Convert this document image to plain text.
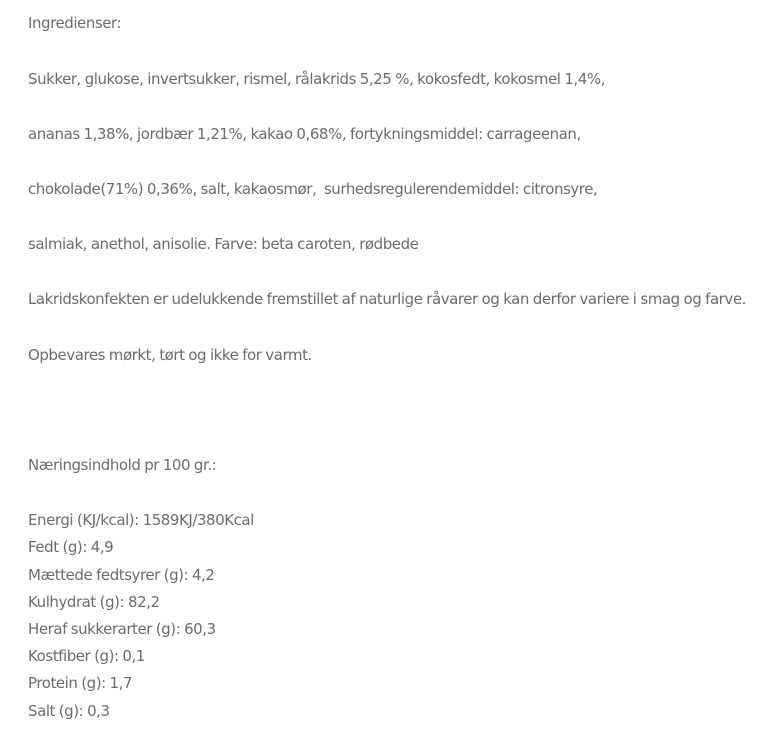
Ingredienser:
Sukker, glukose, invertsukker, rismel, rålakrids 5,25 %, kokosfedt, kokosmel 1,4%,
ananas 1,38%, jordbær 1,21%, kakao 0,68%, fortykningsmiddel: carrageenan,
chokolade(71%) 0,36%, salt, kakaosmør,  surhedsregulerendemiddel: citronsyre,
salmiak, anethol, anisolie. Farve: beta caroten, rødbede
Lakridskonfekten er udelukkende fremstillet af naturlige råvarer og kan derfor variere i smag og farve.
Opbevares mørkt, tørt og ikke for varmt.
Næringsindhold pr 100 gr.:
Energi (KJ/kcal): 1589KJ/380Kcal
Fedt (g): 4,9
Mættede fedtsyrer (g): 4,2
Kulhydrat (g): 82,2
Heraf sukkerarter (g): 60,3
Kostfiber (g): 0,1
Protein (g): 1,7
Salt (g): 0,3
